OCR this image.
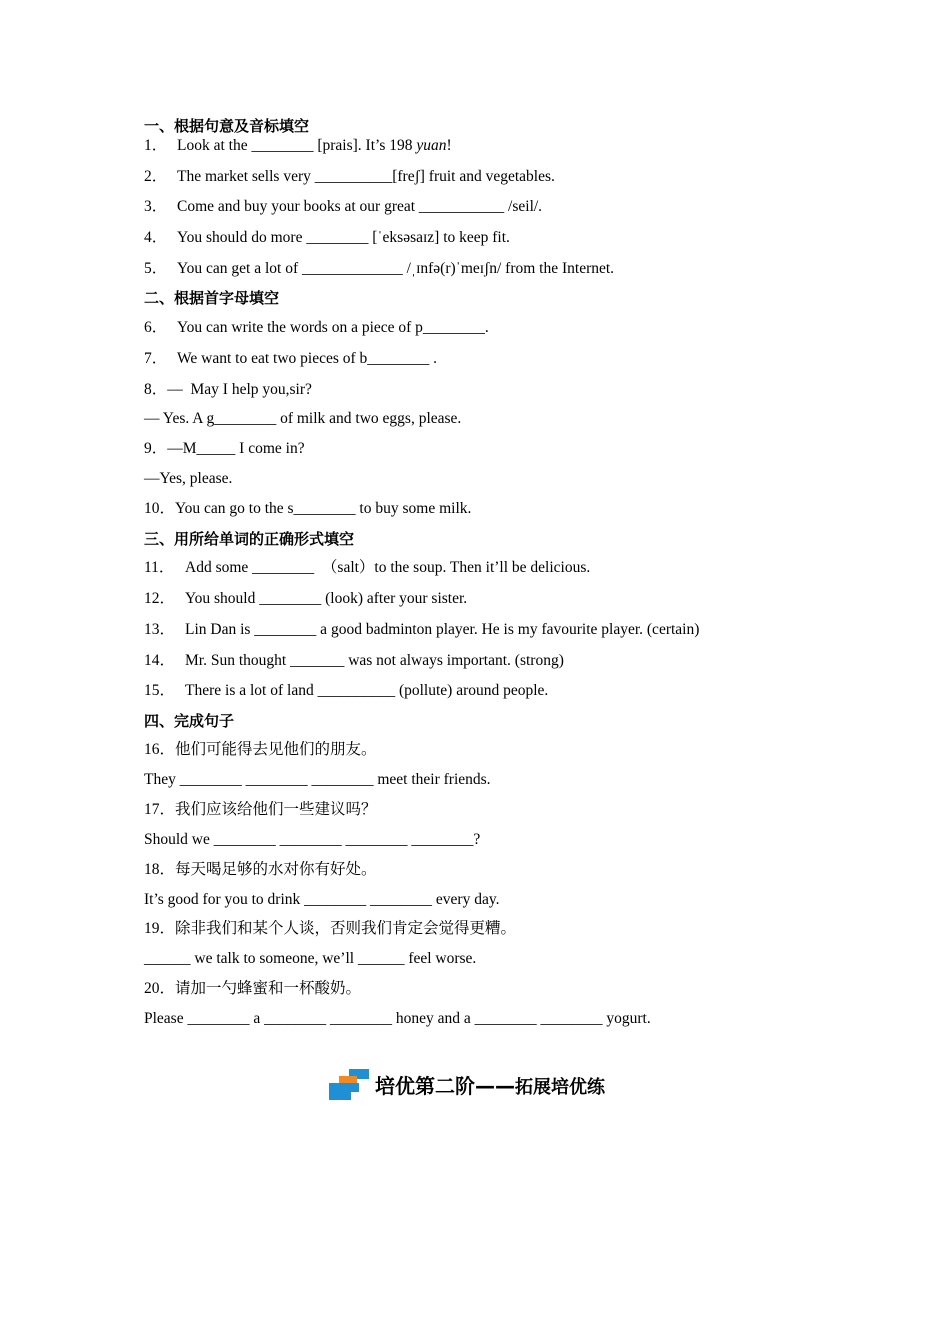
一、根据句意及音标填空
1． Look at the ________ [prais]. It’s 198 yuan!
2． The market sells very __________[freʃ] fruit and vegetables.
3． Come and buy your books at our great ___________ /seil/.
4． You should do more ________ [ˈeksəsaɪz] to keep fit.
5． You can get a lot of _____________ /ˌɪnfə(r)ˈmeɪʃn/ from the Internet.
二、根据首字母填空
6． You can write the words on a piece of p________.
7． We want to eat two pieces of b________ .
8．—  May I help you,sir?
— Yes. A g________ of milk and two eggs, please.
9．—M_____ I come in?
—Yes, please.
10．You can go to the s________ to buy some milk.
三、用所给单词的正确形式填空
11． Add some ________  （salt）to the soup. Then it’ll be delicious.
12． You should ________ (look) after your sister.
13． Lin Dan is ________ a good badminton player. He is my favourite player. (certain)
14． Mr. Sun thought _______ was not always important. (strong)
15． There is a lot of land __________ (pollute) around people.
四、完成句子
16．他们可能得去见他们的朋友。
They ________ ________ ________ meet their friends.
17．我们应该给他们一些建议吗？
Should we ________ ________ ________ ________?
18．每天喝足够的水对你有好处。
It’s good for you to drink ________ ________ every day.
19．除非我们和某个人谈，否则我们肯定会觉得更糟。
______ we talk to someone, we’ll ______ feel worse.
20．请加一勺蜂蜜和一杯酸奶。
Please ________ a ________ ________ honey and a ________ ________ yogurt.
培优第二阶——拓展培优练
